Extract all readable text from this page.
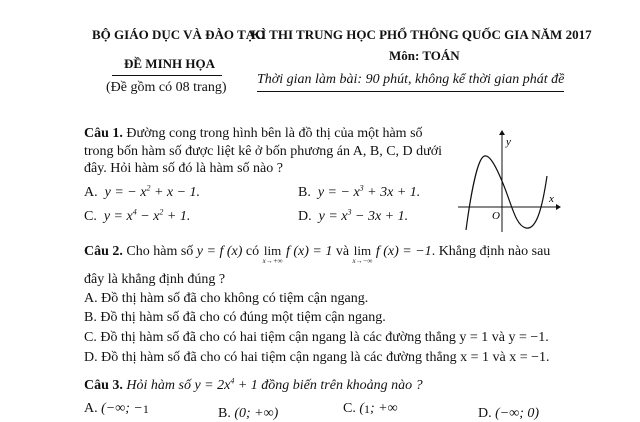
BỘ GIÁO DỤC VÀ ĐÀO TẠO
KÌ THI TRUNG HỌC PHỔ THÔNG QUỐC GIA NĂM 2017
ĐỀ MINH HỌA
(Đề gồm có 08 trang)
Môn: TOÁN
Thời gian làm bài: 90 phút, không kể thời gian phát đề
Câu 1. Đường cong trong hình bên là đồ thị của một hàm số
trong bốn hàm số được liệt kê ở bốn phương án A, B, C, D dưới
đây. Hỏi hàm số đó là hàm số nào ?
A. y = − $x^2 + x - 1$.	B. y = − $x^3 + 3x + 1$.
C. $y = x^4 - x^2 + 1$.	D. $y = x^3 - 3x + 1$.
y
x
O
Câu 2. Cho hàm số y = f (x) có lim
x→+∞
f (x) = 1 và lim
x→−∞
f (x) = −1. Khẳng định nào sau
đây là khẳng định đúng ?
A. Đồ thị hàm số đã cho không có tiệm cận ngang.
B. Đồ thị hàm số đã cho có đúng một tiệm cận ngang.
C. Đồ thị hàm số đã cho có hai tiệm cận ngang là các đường thẳng y = 1 và y = −1.
D. Đồ thị hàm số đã cho có hai tiệm cận ngang là các đường thẳng x = 1 và x = −1.
Câu 3. Hỏi hàm số $y = 2x^4 + 1$ đồng biến trên khoảng nào ?
A. (−∞; − 1	B. (0; +∞)	C. ( 1 ; +∞	D. (−∞; 0)
